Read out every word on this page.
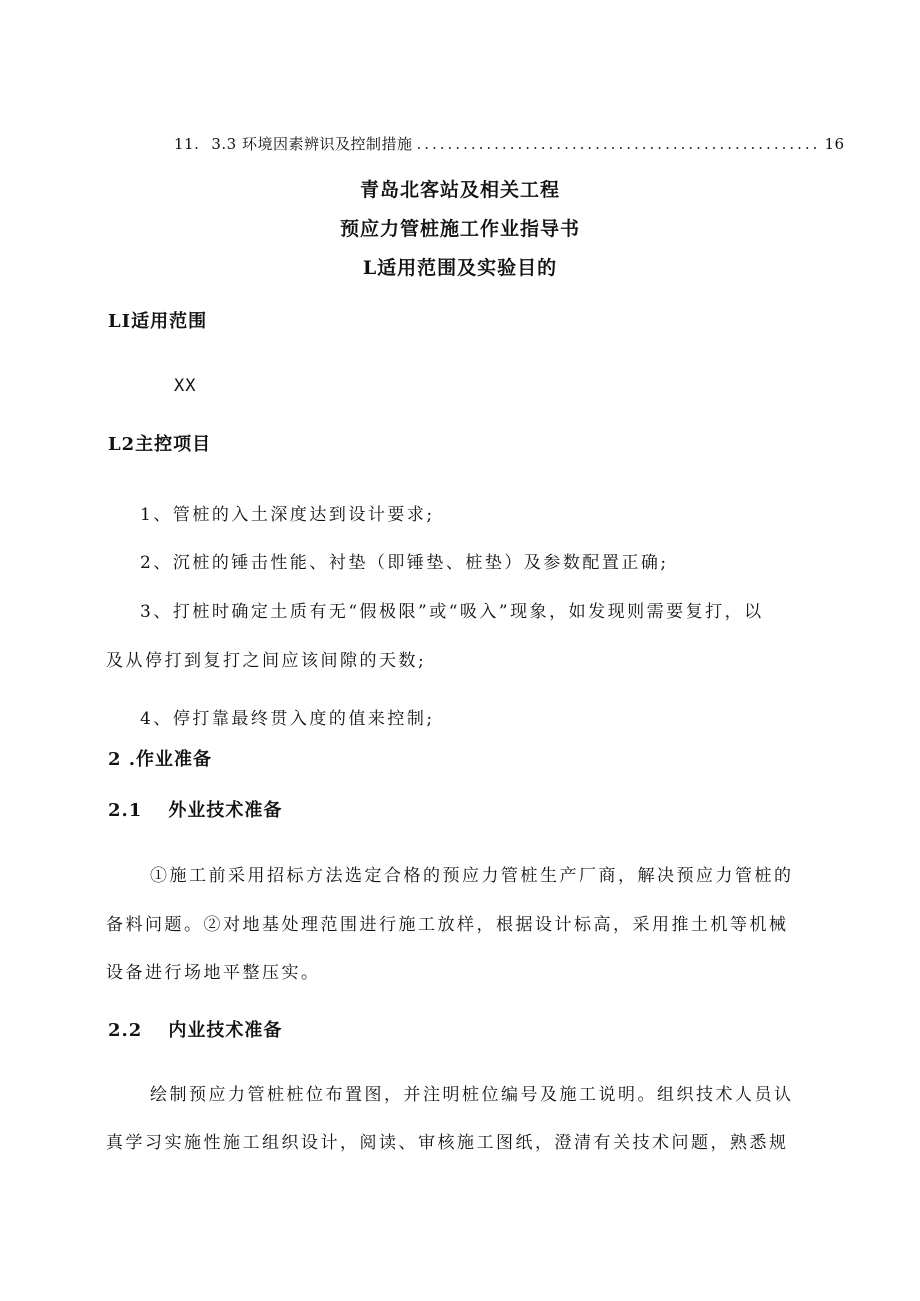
11. 3.3 环境因素辨识及控制措施 .................................................... 16
青岛北客站及相关工程
预应力管桩施工作业指导书
L适用范围及实验目的
LI适用范围
XX
L2主控项目
1、管桩的入土深度达到设计要求;
2、沉桩的锤击性能、衬垫（即锤垫、桩垫）及参数配置正确;
3、打桩时确定土质有无“假极限”或“吸入”现象，如发现则需要复打，以
及从停打到复打之间应该间隙的天数;
4、停打靠最终贯入度的值来控制;
2 .作业准备
2.1 外业技术准备
①施工前采用招标方法选定合格的预应力管桩生产厂商，解决预应力管桩的
备料问题。②对地基处理范围进行施工放样，根据设计标高，采用推土机等机械
设备进行场地平整压实。
2.2 内业技术准备
绘制预应力管桩桩位布置图，并注明桩位编号及施工说明。组织技术人员认
真学习实施性施工组织设计，阅读、审核施工图纸，澄清有关技术问题，熟悉规
